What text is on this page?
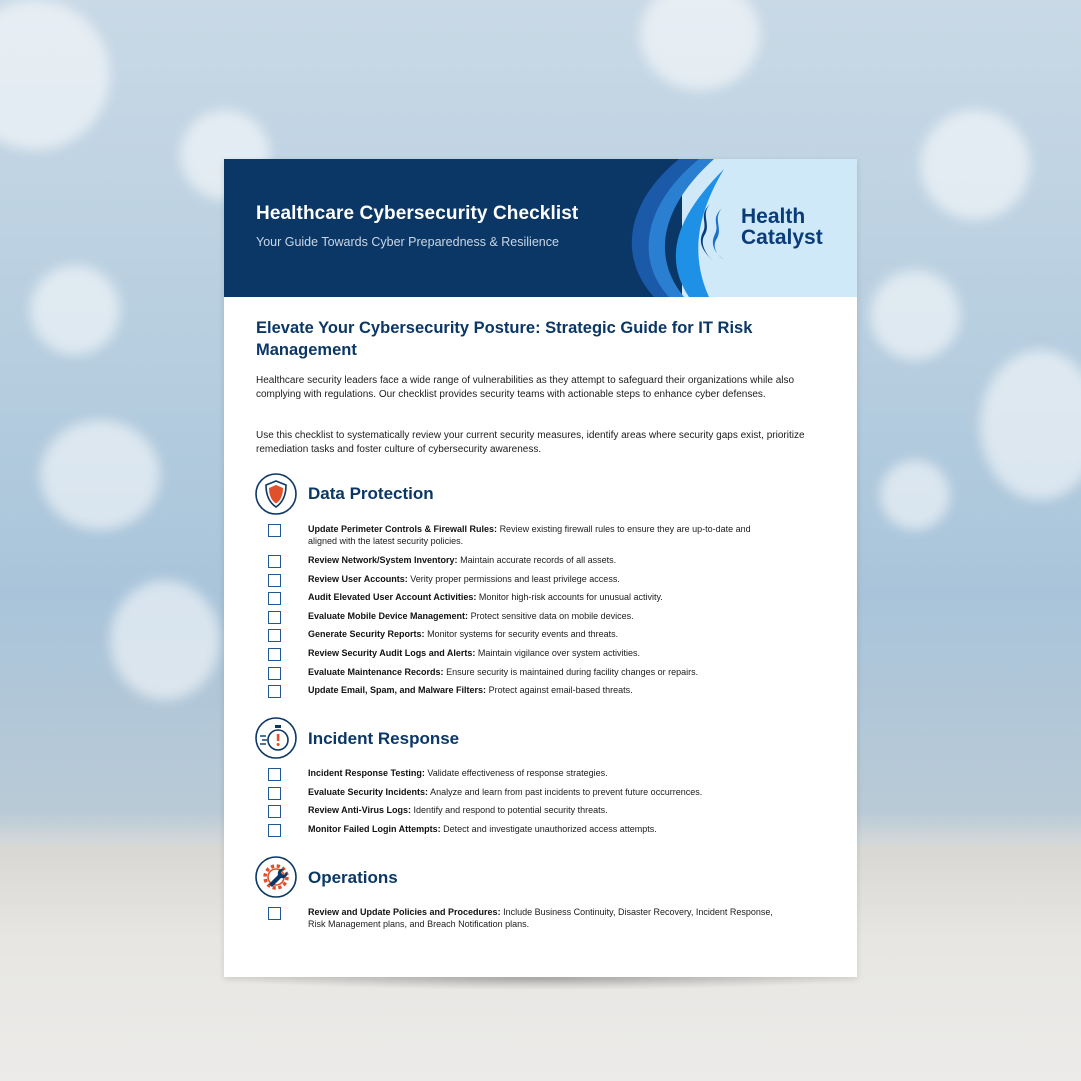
Healthcare Cybersecurity Checklist
Your Guide Towards Cyber Preparedness & Resilience
Health
Catalyst
Elevate Your Cybersecurity Posture: Strategic Guide for IT Risk Management
Healthcare security leaders face a wide range of vulnerabilities as they attempt to safeguard their organizations while also complying with regulations. Our checklist provides security teams with actionable steps to enhance cyber defenses.
Use this checklist to systematically review your current security measures, identify areas where security gaps exist, prioritize remediation tasks and foster culture of cybersecurity awareness.
Data Protection
Update Perimeter Controls & Firewall Rules: Review existing firewall rules to ensure they are up-to-date and aligned with the latest security policies.
Review Network/System Inventory: Maintain accurate records of all assets.
Review User Accounts: Verity proper permissions and least privilege access.
Audit Elevated User Account Activities: Monitor high-risk accounts for unusual activity.
Evaluate Mobile Device Management: Protect sensitive data on mobile devices.
Generate Security Reports: Monitor systems for security events and threats.
Review Security Audit Logs and Alerts: Maintain vigilance over system activities.
Evaluate Maintenance Records: Ensure security is maintained during facility changes or repairs.
Update Email, Spam, and Malware Filters: Protect against email-based threats.
Incident Response
Incident Response Testing: Validate effectiveness of response strategies.
Evaluate Security Incidents: Analyze and learn from past incidents to prevent future occurrences.
Review Anti-Virus Logs: Identify and respond to potential security threats.
Monitor Failed Login Attempts: Detect and investigate unauthorized access attempts.
Operations
Review and Update Policies and Procedures: Include Business Continuity, Disaster Recovery, Incident Response, Risk Management plans, and Breach Notification plans.
